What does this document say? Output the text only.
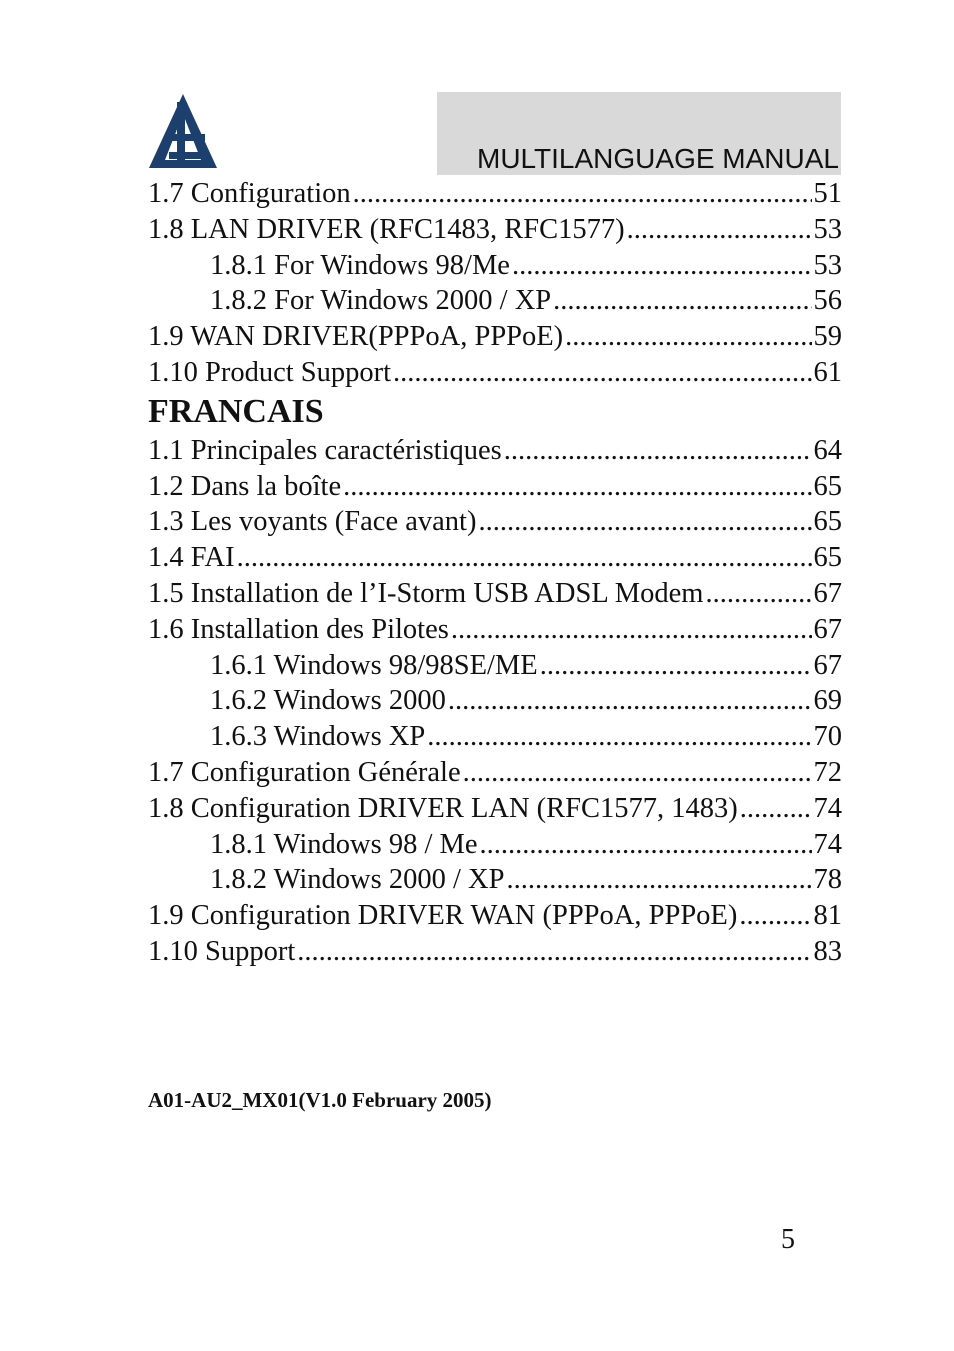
MULTILANGUAGE MANUAL
1.7 Configuration .....	51
1.8 LAN DRIVER (RFC1483, RFC1577) .....	53
1.8.1 For Windows 98/Me .....	53
1.8.2 For Windows 2000 / XP .....	56
1.9 WAN DRIVER(PPPoA, PPPoE) .....	59
1.10 Product Support .....	61
FRANCAIS
1.1 Principales caractéristiques .....	64
1.2 Dans la boîte .....	65
1.3 Les voyants (Face avant) .....	65
1.4 FAI .....	65
1.5 Installation de l’I-Storm USB ADSL Modem .....	67
1.6 Installation des Pilotes .....	67
1.6.1 Windows 98/98SE/ME .....	67
1.6.2 Windows 2000 .....	69
1.6.3 Windows XP .....	70
1.7 Configuration Générale .....	72
1.8 Configuration DRIVER LAN (RFC1577, 1483) .....	74
1.8.1 Windows 98 / Me .....	74
1.8.2 Windows 2000 / XP .....	78
1.9 Configuration DRIVER WAN (PPPoA, PPPoE) .....	81
1.10 Support .....	83
A01-AU2_MX01(V1.0 February 2005)
5
